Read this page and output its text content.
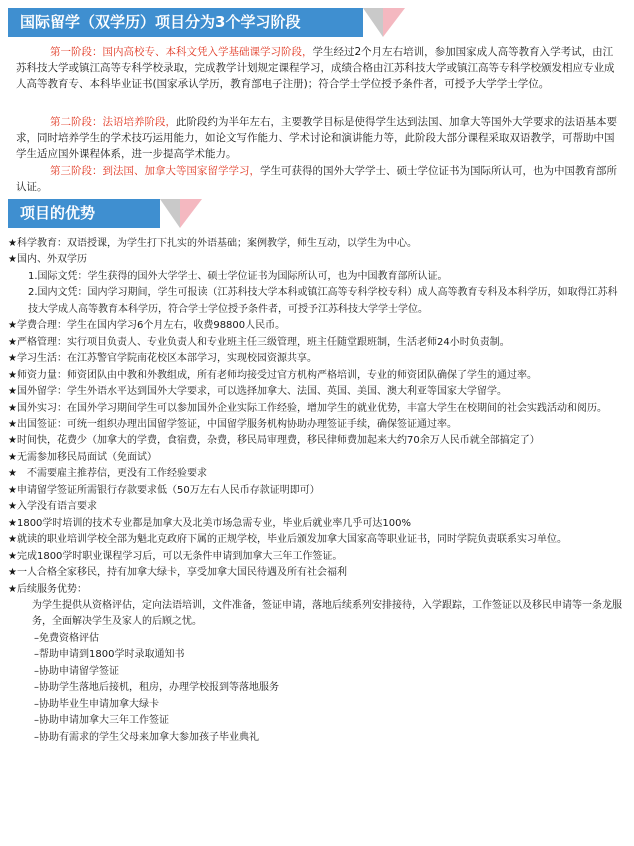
国际留学（双学历）项目分为3个学习阶段

第一阶段：国内高校专、本科文凭入学基础课学习阶段，学生经过2个月左右培训，参加国家成人高等教育入学考试，由江苏科技大学或镇江高等专科学校录取，完成教学计划规定课程学习，成绩合格由江苏科技大学或镇江高等专科学校颁发相应专业成人高等教育专、本科毕业证书(国家承认学历，教育部电子注册)；符合学士学位授予条件者，可授予大学学士学位。

第二阶段：法语培养阶段，此阶段约为半年左右，主要教学目标是使得学生达到法国、加拿大等国外大学要求的法语基本要求，同时培养学生的学术技巧运用能力，如论文写作能力、学术讨论和演讲能力等，此阶段大部分课程采取双语教学，可帮助中国学生适应国外课程体系，进一步提高学术能力。

第三阶段：到法国、加拿大等国家留学学习，学生可获得的国外大学学士、硕士学位证书为国际所认可，也为中国教育部所认证。

项目的优势

★科学教育：双语授课，为学生打下扎实的外语基础；案例教学，师生互动，以学生为中心。

★国内、外双学历

1.国际文凭：学生获得的国外大学学士、硕士学位证书为国际所认可，也为中国教育部所认证。

2.国内文凭：国内学习期间，学生可报读（江苏科技大学本科或镇江高等专科学校专科）成人高等教育专科及本科学历，如取得江苏科技大学成人高等教育本科学历，符合学士学位授予条件者，可授予江苏科技大学学士学位。

★学费合理：学生在国内学习6个月左右，收费98800人民币。

★严格管理：实行项目负责人、专业负责人和专业班主任三级管理，班主任随堂跟班制，生活老师24小时负责制。

★学习生活：在江苏警官学院南花校区本部学习，实现校园资源共享。

★师资力量：师资团队由中教和外教组成，所有老师均接受过官方机构严格培训，专业的师资团队确保了学生的通过率。

★国外留学：学生外语水平达到国外大学要求，可以选择加拿大、法国、英国、美国、澳大利亚等国家大学留学。

★国外实习：在国外学习期间学生可以参加国外企业实际工作经验，增加学生的就业优势，丰富大学生在校期间的社会实践活动和阅历。

★出国签证：可统一组织办理出国留学签证，中国留学服务机构协助办理签证手续，确保签证通过率。

★时间快，花费少（加拿大的学费，食宿费，杂费，移民局审理费，移民律师费加起来大约70余万人民币就全部搞定了）

★无需参加移民局面试（免面试）

★　不需要雇主推荐信，更没有工作经验要求

★申请留学签证所需银行存款要求低（50万左右人民币存款证明即可）

★入学没有语言要求

★1800学时培训的技术专业都是加拿大及北美市场急需专业，毕业后就业率几乎可达100%

★就读的职业培训学校全部为魁北克政府下属的正规学校，毕业后颁发加拿大国家高等职业证书，同时学院负责联系实习单位。

★完成1800学时职业课程学习后，可以无条件申请到加拿大三年工作签证。

★一人合格全家移民，持有加拿大绿卡，享受加拿大国民待遇及所有社会福利

★后续服务优势：

为学生提供从资格评估，定向法语培训，文件准备，签证申请，落地后续系列安排接待，入学跟踪，工作签证以及移民申请等一条龙服务，全面解决学生及家人的后顾之忧。

–免费资格评估

–帮助申请到1800学时录取通知书

–协助申请留学签证

–协助学生落地后接机，租房，办理学校报到等落地服务

–协助毕业生申请加拿大绿卡

–协助申请加拿大三年工作签证

–协助有需求的学生父母来加拿大参加孩子毕业典礼
